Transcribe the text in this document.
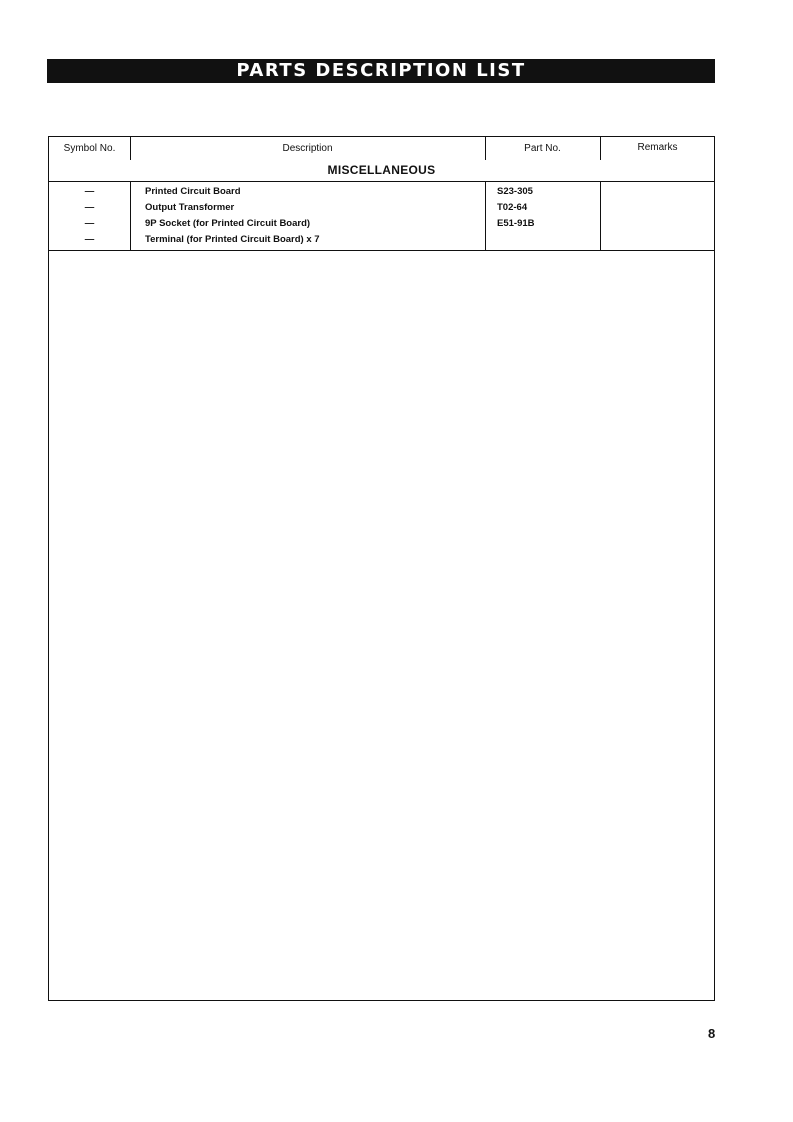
PARTS DESCRIPTION LIST
Symbol No.	Description	Part No.	Remarks
MISCELLANEOUS
—	Printed Circuit Board	S23-305
—	Output Transformer	T02-64
—	9P Socket (for Printed Circuit Board)	E51-91B
—	Terminal (for Printed Circuit Board) x 7
8
